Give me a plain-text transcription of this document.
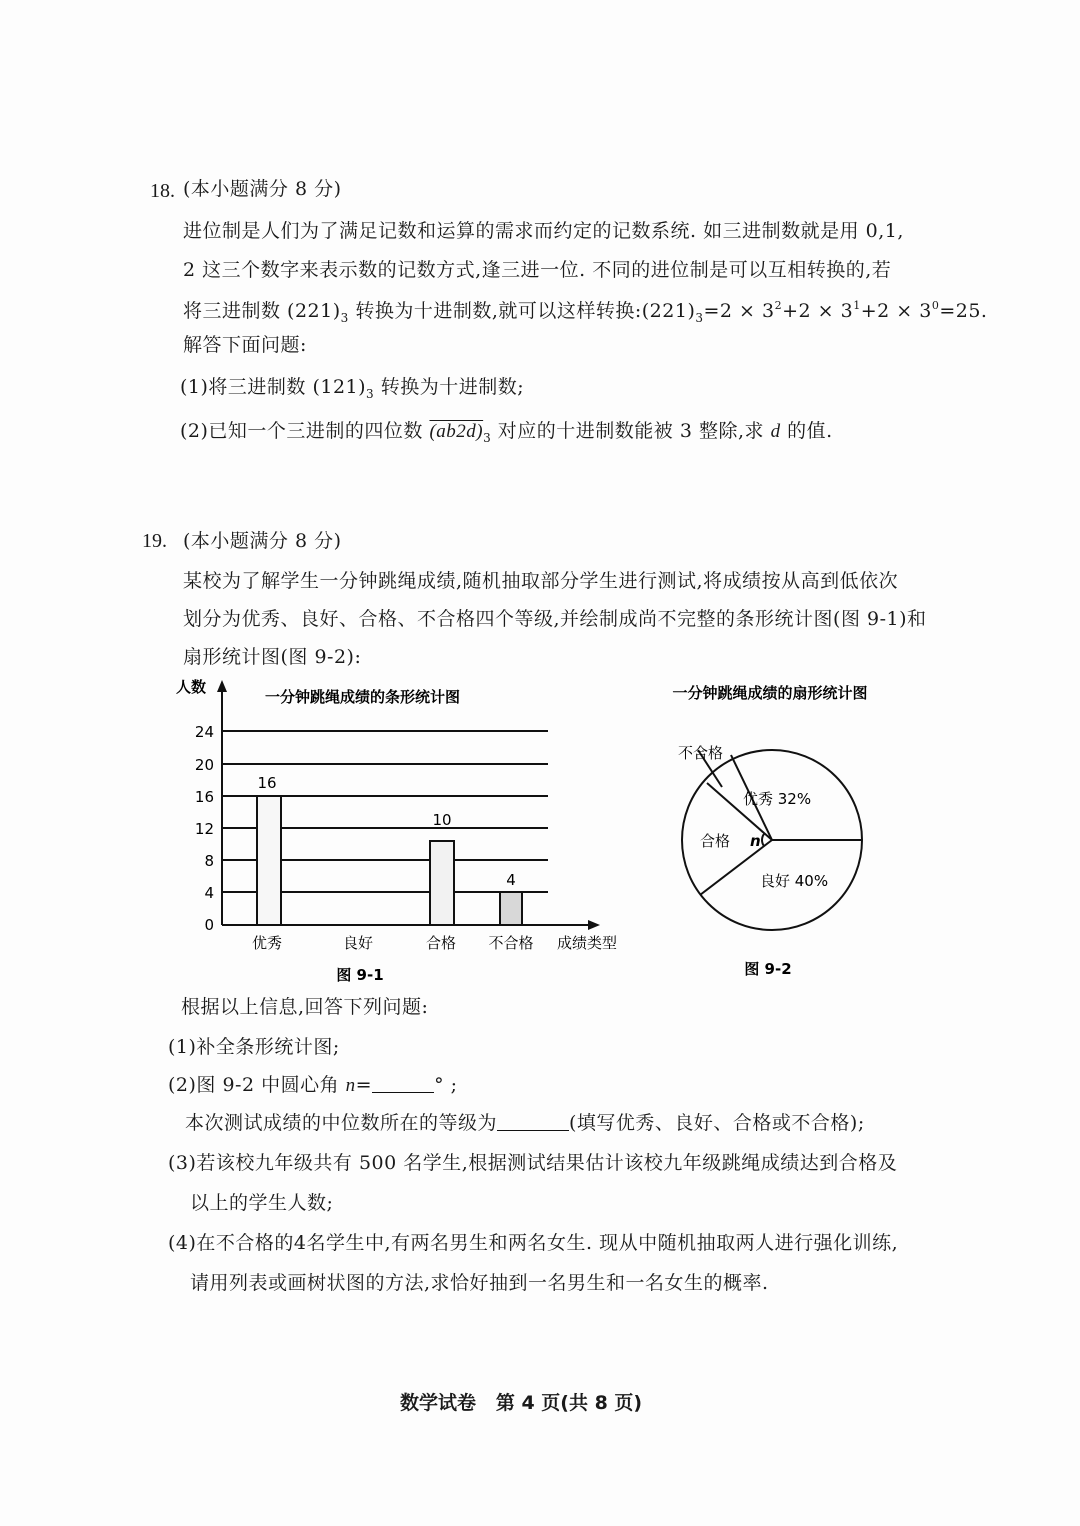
18. (本小题满分 8 分)
进位制是人们为了满足记数和运算的需求而约定的记数系统. 如三进制数就是用 0,1,
2 这三个数字来表示数的记数方式,逢三进一位. 不同的进位制是可以互相转换的,若
将三进制数 $(221)_3$ 转换为十进制数,就可以这样转换$:(221)_3=2 \times 3^2+2 \times 3^1+2 \times 3^0=25$.
解答下面问题:
(1)将三进制数 $(121)_3$ 转换为十进制数;
(2)已知一个三进制的四位数 $(ab2d)_3$ 对应的十进制数能被 3 整除,求 d 的值.
19. (本小题满分 8 分)
某校为了解学生一分钟跳绳成绩,随机抽取部分学生进行测试,将成绩按从高到低依次
划分为优秀、良好、合格、不合格四个等级,并绘制成尚不完整的条形统计图(图 9-1)和
扇形统计图(图 9-2):
人数
一分钟跳绳成绩的条形统计图
0
4
8
12
16
20
24
16
10
4
优秀	良好	合格 不合格 成绩类型
图 9-1
一分钟跳绳成绩的扇形统计图
优秀 32%
良好 40%
合格 n
不合格
图 9-2
根据以上信息,回答下列问题:
(1)补全条形统计图;
(2)图 9-2 中圆心角 n=	° ;
本次测试成绩的中位数所在的等级为	(填写优秀、良好、合格或不合格);
(3)若该校九年级共有 500 名学生,根据测试结果估计该校九年级跳绳成绩达到合格及
以上的学生人数;
(4)在不合格的4名学生中,有两名男生和两名女生. 现从中随机抽取两人进行强化训练,
请用列表或画树状图的方法,求恰好抽到一名男生和一名女生的概率.
数学试卷   第 4 页(共 8 页)
